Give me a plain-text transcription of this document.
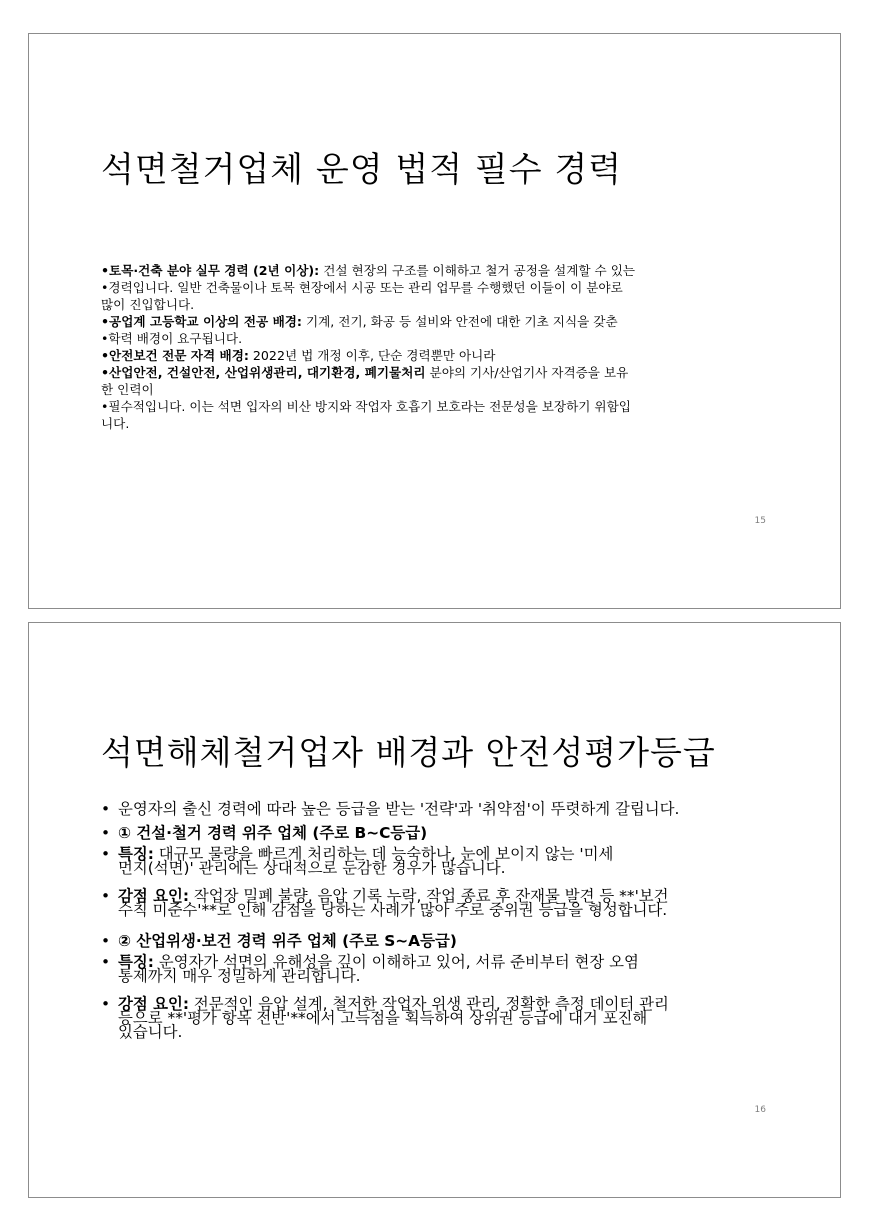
석면철거업체 운영 법적 필수 경력
•토목·건축 분야 실무 경력 (2년 이상): 건설 현장의 구조를 이해하고 철거 공정을 설계할 수 있는
•경력입니다. 일반 건축물이나 토목 현장에서 시공 또는 관리 업무를 수행했던 이들이 이 분야로
많이 진입합니다.
•공업계 고등학교 이상의 전공 배경: 기계, 전기, 화공 등 설비와 안전에 대한 기초 지식을 갖춘
•학력 배경이 요구됩니다.
•안전보건 전문 자격 배경: 2022년 법 개정 이후, 단순 경력뿐만 아니라
•산업안전, 건설안전, 산업위생관리, 대기환경, 폐기물처리 분야의 기사/산업기사 자격증을 보유
한 인력이
•필수적입니다. 이는 석면 입자의 비산 방지와 작업자 호흡기 보호라는 전문성을 보장하기 위함입
니다.
15
석면해체철거업자 배경과 안전성평가등급
• 운영자의 출신 경력에 따라 높은 등급을 받는 '전략'과 '취약점'이 뚜렷하게 갈립니다.
• ① 건설·철거 경력 위주 업체 (주로 B~C등급)
• 특징: 대규모 물량을 빠르게 처리하는 데 능숙하나, 눈에 보이지 않는 '미세
먼지(석면)' 관리에는 상대적으로 둔감한 경우가 많습니다.
• 감점 요인: 작업장 밀폐 불량, 음압 기록 누락, 작업 종료 후 잔재물 발견 등 **'보건
수칙 미준수'**로 인해 감점을 당하는 사례가 많아 주로 중위권 등급을 형성합니다.
• ② 산업위생·보건 경력 위주 업체 (주로 S~A등급)
• 특징: 운영자가 석면의 유해성을 깊이 이해하고 있어, 서류 준비부터 현장 오염
통제까지 매우 정밀하게 관리합니다.
• 강점 요인: 전문적인 음압 설계, 철저한 작업자 위생 관리, 정확한 측정 데이터 관리
등으로 **'평가 항목 전반'**에서 고득점을 획득하여 상위권 등급에 대거 포진해
있습니다.
16
